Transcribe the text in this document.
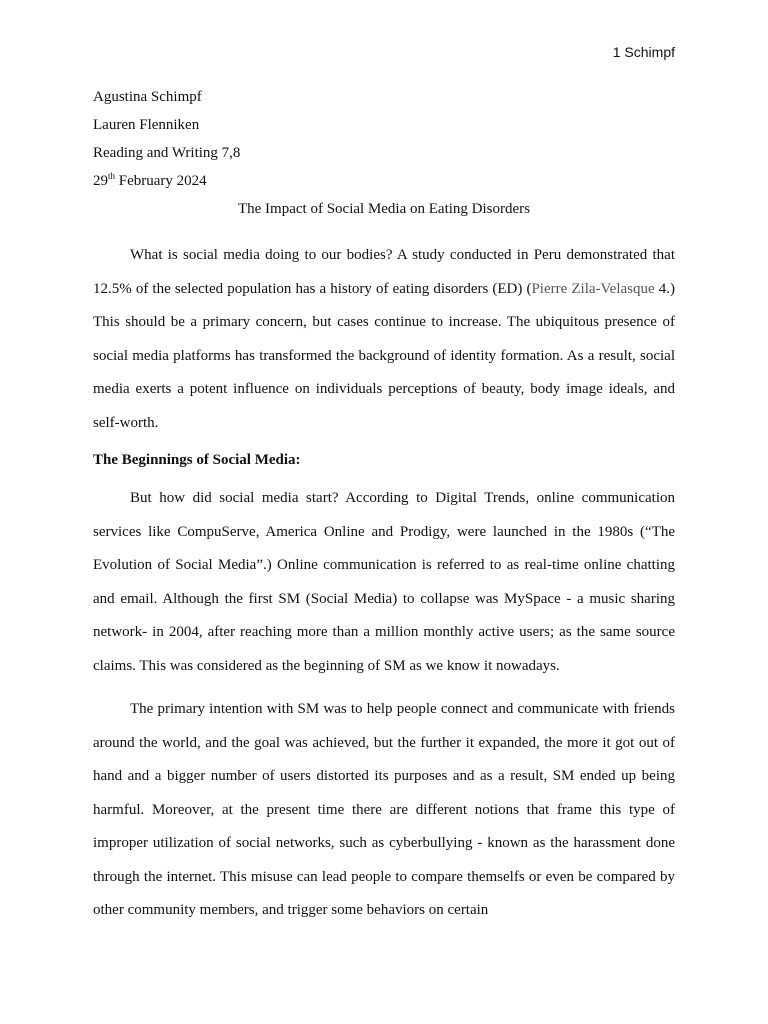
1 Schimpf
Agustina Schimpf
Lauren Flenniken
Reading and Writing 7,8
29th February 2024
The Impact of Social Media on Eating Disorders

What is social media doing to our bodies? A study conducted in Peru demonstrated that 12.5% of the selected population has a history of eating disorders (ED) (Pierre Zila-Velasque 4.) This should be a primary concern, but cases continue to increase. The ubiquitous presence of social media platforms has transformed the background of identity formation. As a result, social media exerts a potent influence on individuals perceptions of beauty, body image ideals, and self-worth.

The Beginnings of Social Media:

But how did social media start? According to Digital Trends, online communication services like CompuServe, America Online and Prodigy, were launched in the 1980s (“The Evolution of Social Media”.) Online communication is referred to as real-time online chatting and email. Although the first SM (Social Media) to collapse was MySpace - a music sharing network- in 2004, after reaching more than a million monthly active users; as the same source claims. This was considered as the beginning of SM as we know it nowadays.

The primary intention with SM was to help people connect and communicate with friends around the world, and the goal was achieved, but the further it expanded, the more it got out of hand and a bigger number of users distorted its purposes and as a result, SM ended up being harmful. Moreover, at the present time there are different notions that frame this type of improper utilization of social networks, such as cyberbullying - known as the harassment done through the internet. This misuse can lead people to compare themselfs or even be compared by other community members, and trigger some behaviors on certain
